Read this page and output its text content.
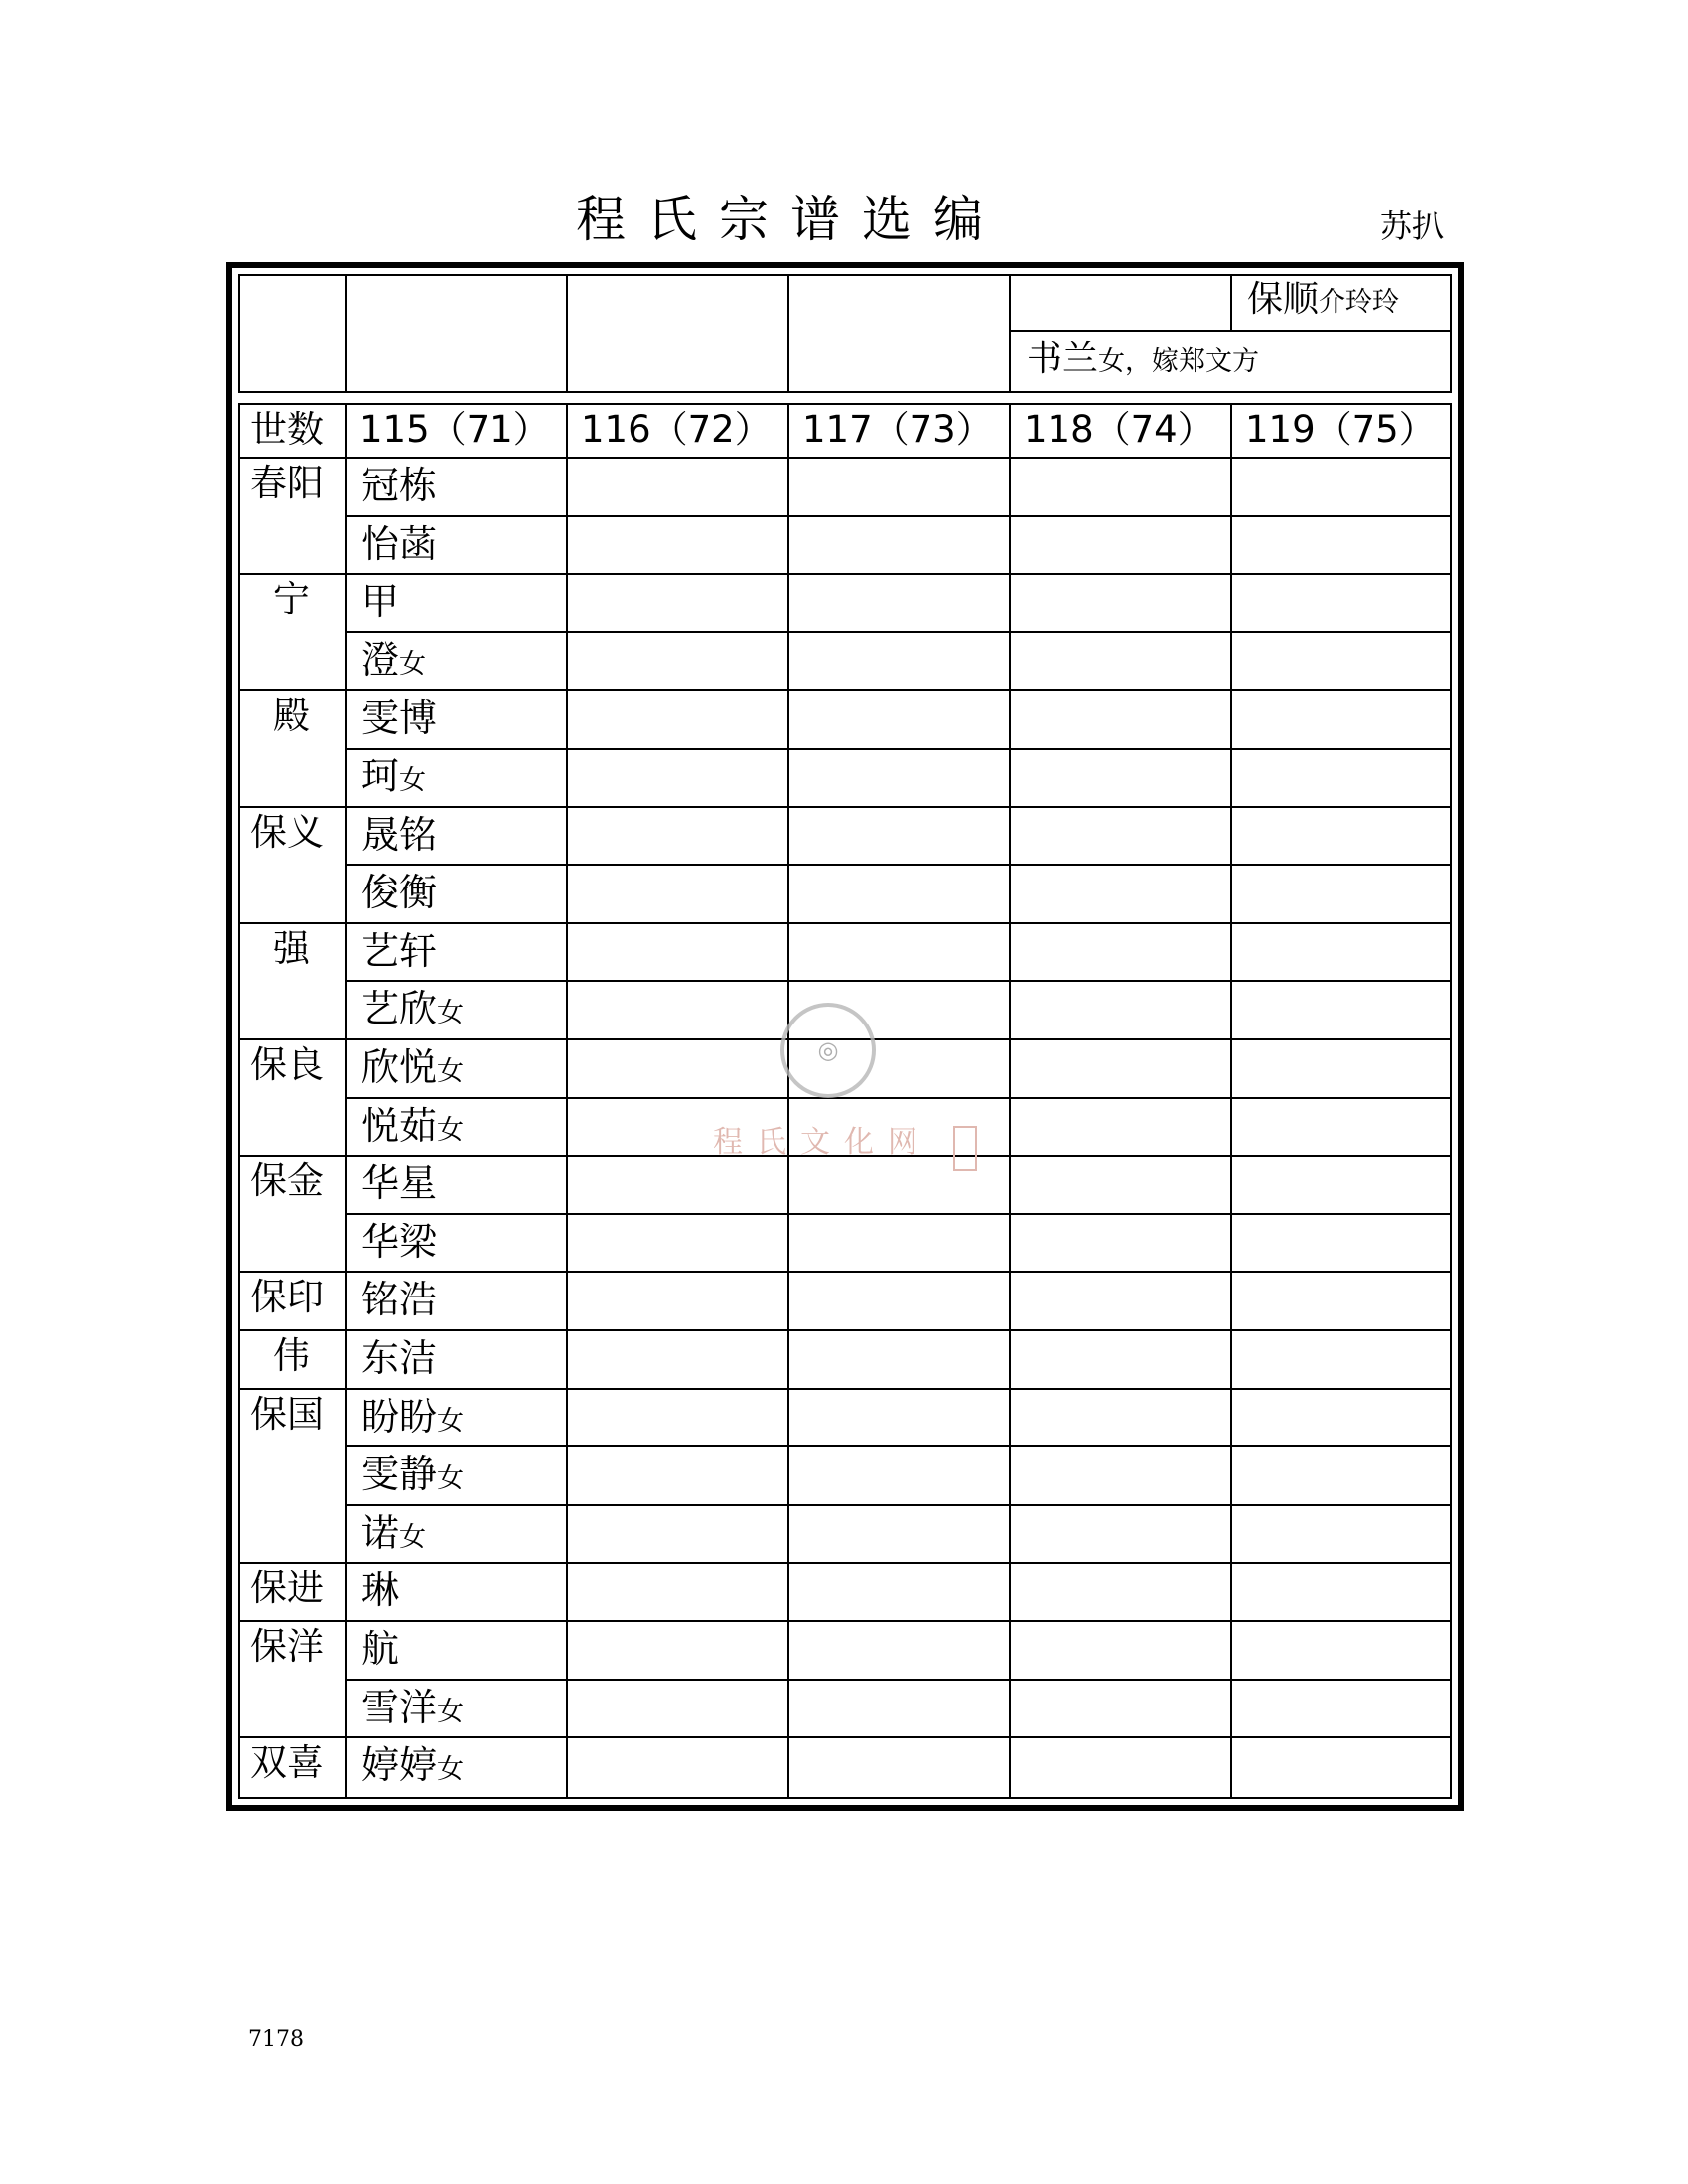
程氏宗谱选编	苏扒
保顺介玲玲
书兰女，嫁郑文方
世数 115（71） 116（72） 117（73） 118（74） 119（75）
春阳
宁
殿
保义
强
保良
保金
保印
伟
保国
保进
保洋
双喜
冠栋
怡菡
甲
澄女
雯博
珂女
晟铭
俊衡
艺轩
艺欣女
欣悦女
悦茹女
华星
华梁
铭浩
东洁
盼盼女
雯静女
诺女
琳
航
雪洋女
婷婷女
◎
程氏文化网
7178
